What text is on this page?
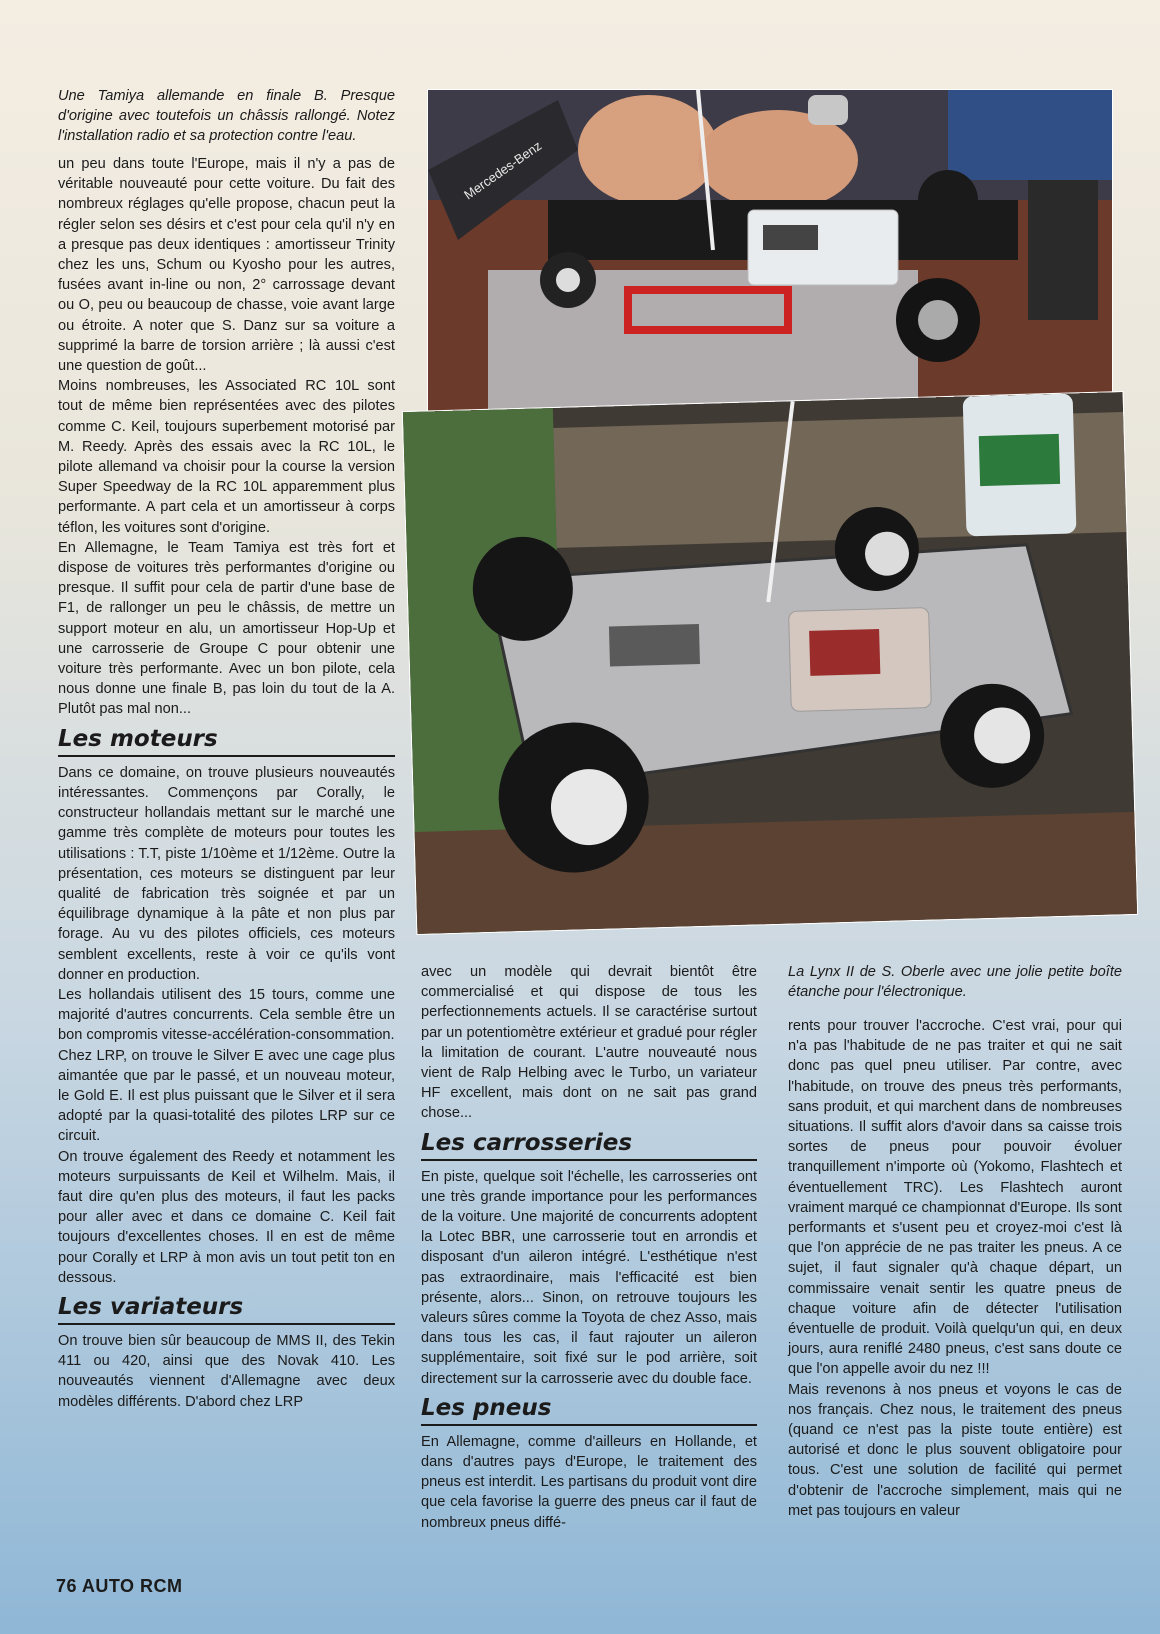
Une Tamiya allemande en finale B. Presque d'origine avec toutefois un châssis rallongé. Notez l'installation radio et sa protection contre l'eau.

un peu dans toute l'Europe, mais il n'y a pas de véritable nouveauté pour cette voiture. Du fait des nombreux réglages qu'elle propose, chacun peut la régler selon ses désirs et c'est pour cela qu'il n'y en a presque pas deux identiques : amortisseur Trinity chez les uns, Schum ou Kyosho pour les autres, fusées avant in-line ou non, 2° carrossage devant ou O, peu ou beaucoup de chasse, voie avant large ou étroite. A noter que S. Danz sur sa voiture a supprimé la barre de torsion arrière ; là aussi c'est une question de goût...

Moins nombreuses, les Associated RC 10L sont tout de même bien représentées avec des pilotes comme C. Keil, toujours superbement motorisé par M. Reedy. Après des essais avec la RC 10L, le pilote allemand va choisir pour la course la version Super Speedway de la RC 10L apparemment plus performante. A part cela et un amortisseur à corps téflon, les voitures sont d'origine.

En Allemagne, le Team Tamiya est très fort et dispose de voitures très performantes d'origine ou presque. Il suffit pour cela de partir d'une base de F1, de rallonger un peu le châssis, de mettre un support moteur en alu, un amortisseur Hop-Up et une carrosserie de Groupe C pour obtenir une voiture très performante. Avec un bon pilote, cela nous donne une finale B, pas loin du tout de la A. Plutôt pas mal non...

Les moteurs

Dans ce domaine, on trouve plusieurs nouveautés intéressantes. Commençons par Corally, le constructeur hollandais mettant sur le marché une gamme très complète de moteurs pour toutes les utilisations : T.T, piste 1/10ème et 1/12ème. Outre la présentation, ces moteurs se distinguent par leur qualité de fabrication très soignée et par un équilibrage dynamique à la pâte et non plus par forage. Au vu des pilotes officiels, ces moteurs semblent excellents, reste à voir ce qu'ils vont donner en production.

Les hollandais utilisent des 15 tours, comme une majorité d'autres concurrents. Cela semble être un bon compromis vitesse-accélération-consommation.

Chez LRP, on trouve le Silver E avec une cage plus aimantée que par le passé, et un nouveau moteur, le Gold E. Il est plus puissant que le Silver et il sera adopté par la quasi-totalité des pilotes LRP sur ce circuit.

On trouve également des Reedy et notamment les moteurs surpuissants de Keil et Wilhelm. Mais, il faut dire qu'en plus des moteurs, il faut les packs pour aller avec et dans ce domaine C. Keil fait toujours d'excellentes choses. Il en est de même pour Corally et LRP à mon avis un tout petit ton en dessous.

Les variateurs

On trouve bien sûr beaucoup de MMS II, des Tekin 411 ou 420, ainsi que des Novak 410. Les nouveautés viennent d'Allemagne avec deux modèles différents. D'abord chez LRP

Mercedes-Benz

avec un modèle qui devrait bientôt être commercialisé et qui dispose de tous les perfectionnements actuels. Il se caractérise surtout par un potentiomètre extérieur et gradué pour régler la limitation de courant. L'autre nouveauté nous vient de Ralp Helbing avec le Turbo, un variateur HF excellent, mais dont on ne sait pas grand chose...

Les carrosseries

En piste, quelque soit l'échelle, les carrosseries ont une très grande importance pour les performances de la voiture. Une majorité de concurrents adoptent la Lotec BBR, une carrosserie tout en arrondis et disposant d'un aileron intégré. L'esthétique n'est pas extraordinaire, mais l'efficacité est bien présente, alors... Sinon, on retrouve toujours les valeurs sûres comme la Toyota de chez Asso, mais dans tous les cas, il faut rajouter un aileron supplémentaire, soit fixé sur le pod arrière, soit directement sur la carrosserie avec du double face.

Les pneus

En Allemagne, comme d'ailleurs en Hollande, et dans d'autres pays d'Europe, le traitement des pneus est interdit. Les partisans du produit vont dire que cela favorise la guerre des pneus car il faut de nombreux pneus diffé-

La Lynx II de S. Oberle avec une jolie petite boîte étanche pour l'électronique.

rents pour trouver l'accroche. C'est vrai, pour qui n'a pas l'habitude de ne pas traiter et qui ne sait donc pas quel pneu utiliser. Par contre, avec l'habitude, on trouve des pneus très performants, sans produit, et qui marchent dans de nombreuses situations. Il suffit alors d'avoir dans sa caisse trois sortes de pneus pour pouvoir évoluer tranquillement n'importe où (Yokomo, Flashtech et éventuellement TRC). Les Flashtech auront vraiment marqué ce championnat d'Europe. Ils sont performants et s'usent peu et croyez-moi c'est là que l'on apprécie de ne pas traiter les pneus. A ce sujet, il faut signaler qu'à chaque départ, un commissaire venait sentir les quatre pneus de chaque voiture afin de détecter l'utilisation éventuelle de produit. Voilà quelqu'un qui, en deux jours, aura reniflé 2480 pneus, c'est sans doute ce que l'on appelle avoir du nez !!!

Mais revenons à nos pneus et voyons le cas de nos français. Chez nous, le traitement des pneus (quand ce n'est pas la piste toute entière) est autorisé et donc le plus souvent obligatoire pour tous. C'est une solution de facilité qui permet d'obtenir de l'accroche simplement, mais qui ne met pas toujours en valeur

76 AUTO RCM
